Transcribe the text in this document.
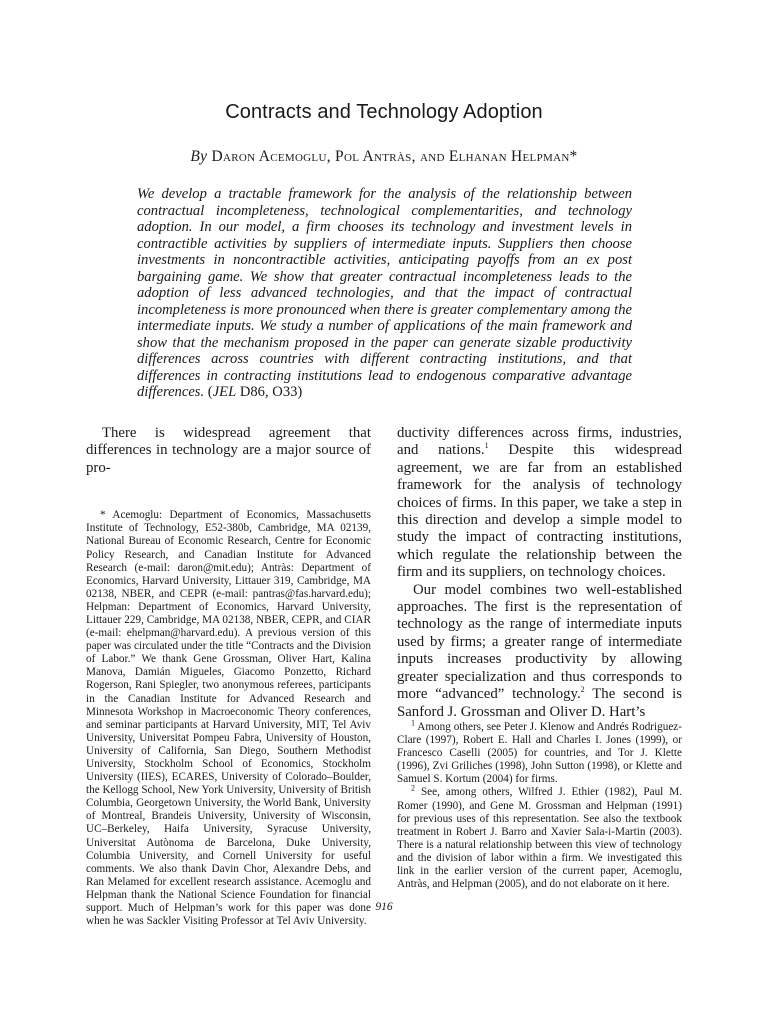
Contracts and Technology Adoption
By Daron Acemoglu, Pol Antràs, and Elhanan Helpman*
We develop a tractable framework for the analysis of the relationship between contractual incompleteness, technological complementarities, and technology adoption. In our model, a firm chooses its technology and investment levels in contractible activities by suppliers of intermediate inputs. Suppliers then choose investments in noncontractible activities, anticipating payoffs from an ex post bargaining game. We show that greater contractual incompleteness leads to the adoption of less advanced technologies, and that the impact of contractual incompleteness is more pronounced when there is greater complementary among the intermediate inputs. We study a number of applications of the main framework and show that the mechanism proposed in the paper can generate sizable productivity differences across countries with different contracting institutions, and that differences in contracting institutions lead to endogenous comparative advantage differences. (JEL D86, O33)

There is widespread agreement that differences in technology are a major source of pro-

* Acemoglu: Department of Economics, Massachusetts Institute of Technology, E52-380b, Cambridge, MA 02139, National Bureau of Economic Research, Centre for Economic Policy Research, and Canadian Institute for Advanced Research (e-mail: daron@mit.edu); Antràs: Department of Economics, Harvard University, Littauer 319, Cambridge, MA 02138, NBER, and CEPR (e-mail: pantras@fas.harvard.edu); Helpman: Department of Economics, Harvard University, Littauer 229, Cambridge, MA 02138, NBER, CEPR, and CIAR (e-mail: ehelpman@harvard.edu). A previous version of this paper was circulated under the title “Contracts and the Division of Labor.” We thank Gene Grossman, Oliver Hart, Kalina Manova, Damián Migueles, Giacomo Ponzetto, Richard Rogerson, Rani Spiegler, two anonymous referees, participants in the Canadian Institute for Advanced Research and Minnesota Workshop in Macroeconomic Theory conferences, and seminar participants at Harvard University, MIT, Tel Aviv University, Universitat Pompeu Fabra, University of Houston, University of California, San Diego, Southern Methodist University, Stockholm School of Economics, Stockholm University (IIES), ECARES, University of Colorado–Boulder, the Kellogg School, New York University, University of British Columbia, Georgetown University, the World Bank, University of Montreal, Brandeis University, University of Wisconsin, UC–Berkeley, Haifa University, Syracuse University, Universitat Autònoma de Barcelona, Duke University, Columbia University, and Cornell University for useful comments. We also thank Davin Chor, Alexandre Debs, and Ran Melamed for excellent research assistance. Acemoglu and Helpman thank the National Science Foundation for financial support. Much of Helpman’s work for this paper was done when he was Sackler Visiting Professor at Tel Aviv University.

ductivity differences across firms, industries, and nations.$^1$ Despite this widespread agreement, we are far from an established framework for the analysis of technology choices of firms. In this paper, we take a step in this direction and develop a simple model to study the impact of contracting institutions, which regulate the relationship between the firm and its suppliers, on technology choices.

Our model combines two well-established approaches. The first is the representation of technology as the range of intermediate inputs used by firms; a greater range of intermediate inputs increases productivity by allowing greater specialization and thus corresponds to more “advanced” technology.$^2$ The second is Sanford J. Grossman and Oliver D. Hart’s

$^1$ Among others, see Peter J. Klenow and Andrés Rodriguez-Clare (1997), Robert E. Hall and Charles I. Jones (1999), or Francesco Caselli (2005) for countries, and Tor J. Klette (1996), Zvi Griliches (1998), John Sutton (1998), or Klette and Samuel S. Kortum (2004) for firms.

$^2$ See, among others, Wilfred J. Ethier (1982), Paul M. Romer (1990), and Gene M. Grossman and Helpman (1991) for previous uses of this representation. See also the textbook treatment in Robert J. Barro and Xavier Sala-i-Martin (2003). There is a natural relationship between this view of technology and the division of labor within a firm. We investigated this link in the earlier version of the current paper, Acemoglu, Antràs, and Helpman (2005), and do not elaborate on it here.

916
